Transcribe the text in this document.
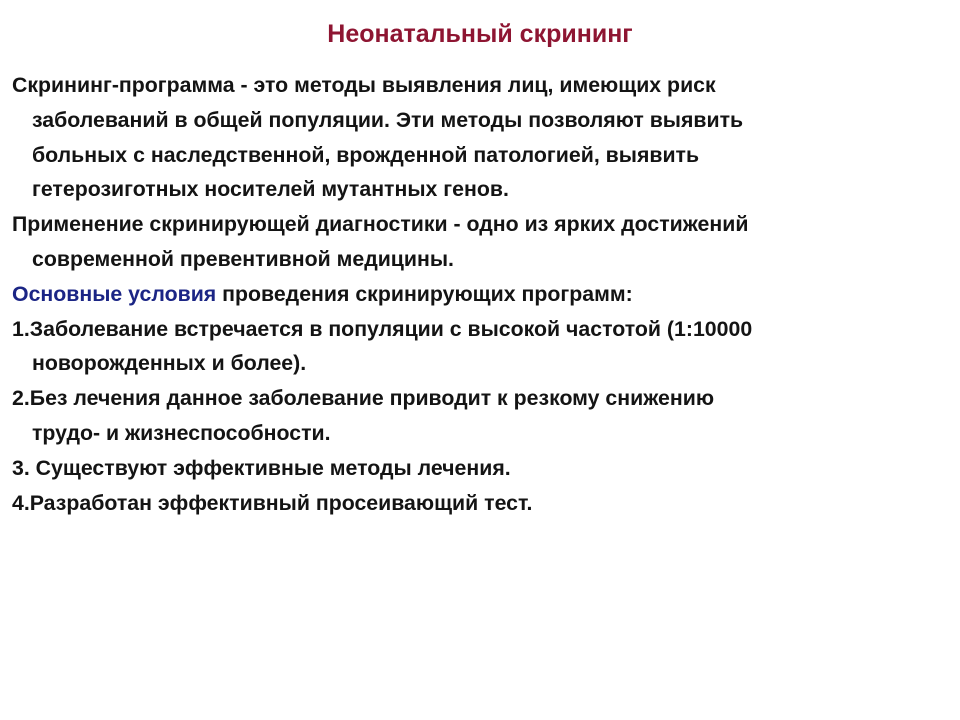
Неонатальный скрининг
Скрининг-программа - это методы выявления лиц, имеющих риск
заболеваний в общей популяции. Эти методы позволяют выявить
больных с наследственной, врожденной патологией, выявить
гетерозиготных носителей мутантных генов.
Применение скринирующей диагностики - одно из ярких достижений
современной превентивной медицины.
Основные условия проведения скринирующих программ:
1.Заболевание встречается в популяции с высокой частотой (1:10000
новорожденных и более).
2.Без лечения данное заболевание приводит к резкому снижению
трудо- и жизнеспособности.
3. Существуют эффективные методы лечения.
4.Разработан эффективный просеивающий тест.
